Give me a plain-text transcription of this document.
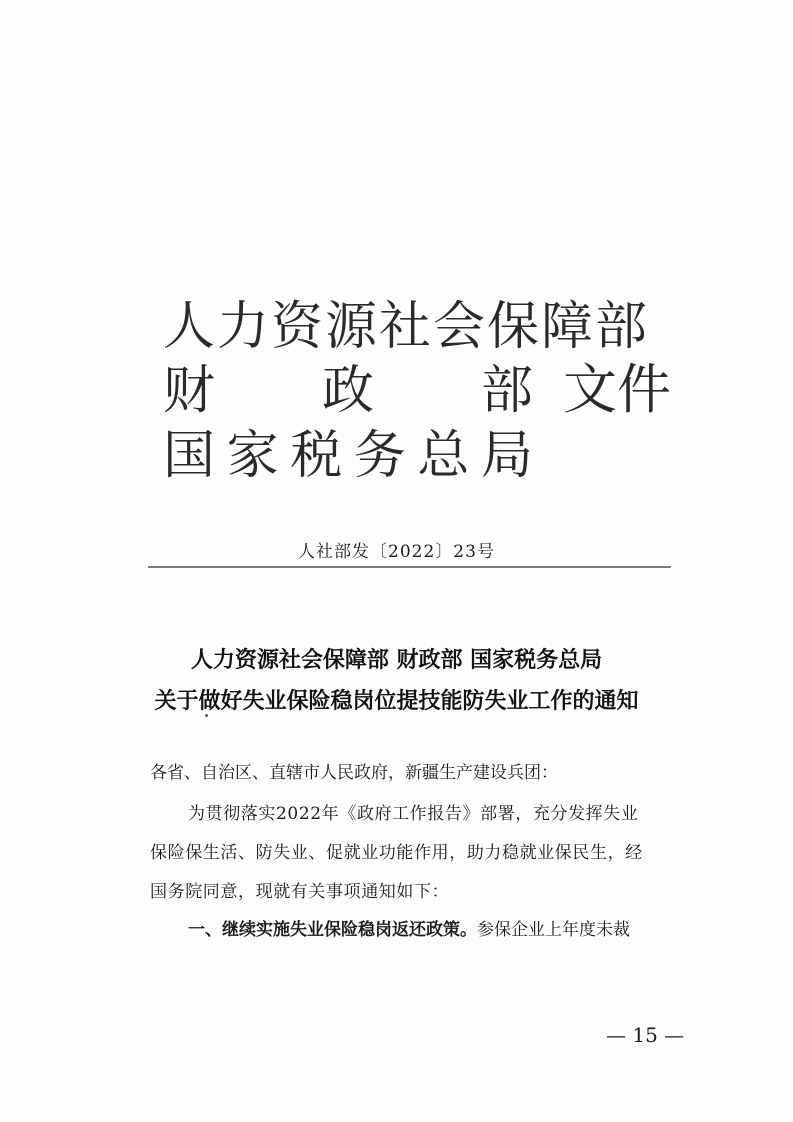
人力资源社会保障部
财 政 部 文件
国 家 税 务 总 局
人社部发〔2022〕23号
人力资源社会保障部 财政部 国家税务总局
关于做好失业保险稳岗位提技能防失业工作的通知
各省、自治区、直辖市人民政府，新疆生产建设兵团：
为贯彻落实2022年《政府工作报告》部署，充分发挥失业
保险保生活、防失业、促就业功能作用，助力稳就业保民生，经
国务院同意，现就有关事项通知如下：
一、继续实施失业保险稳岗返还政策。参保企业上年度未裁
— 15 —
